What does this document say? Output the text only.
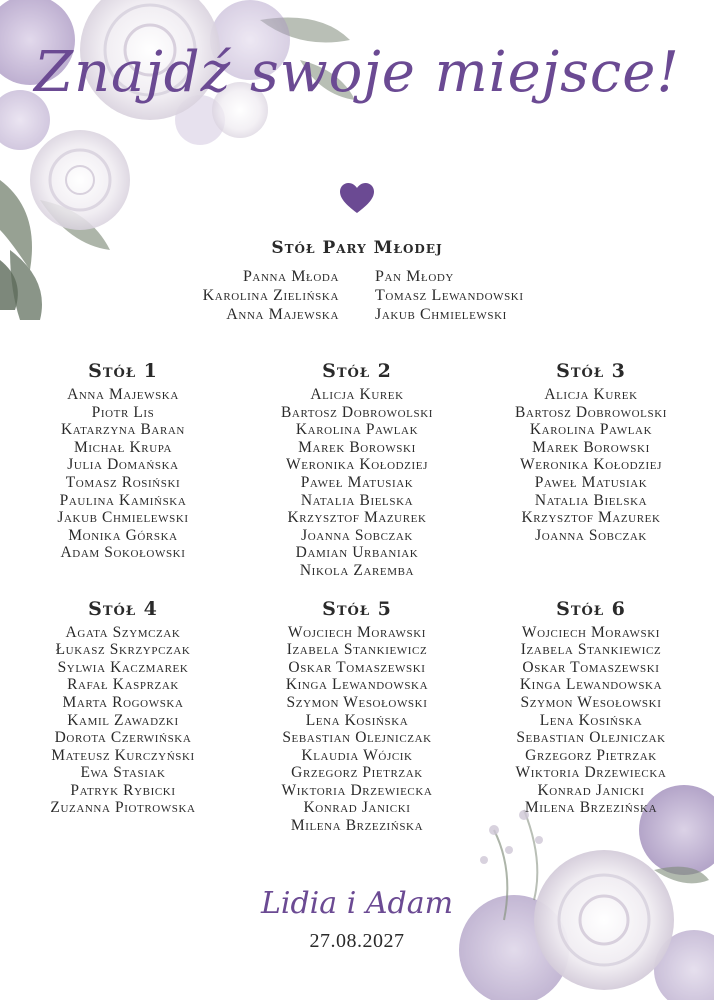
Znajdź swoje miejsce!
Stół Pary Młodej
Panna Młoda
Karolina Zielińska
Anna Majewska
Pan Młody
Tomasz Lewandowski
Jakub Chmielewski
Stół 1
Anna Majewska
Piotr Lis
Katarzyna Baran
Michał Krupa
Julia Domańska
Tomasz Rosiński
Paulina Kamińska
Jakub Chmielewski
Monika Górska
Adam Sokołowski
Stół 2
Alicja Kurek
Bartosz Dobrowolski
Karolina Pawlak
Marek Borowski
Weronika Kołodziej
Paweł Matusiak
Natalia Bielska
Krzysztof Mazurek
Joanna Sobczak
Damian Urbaniak
Nikola Zaremba
Stół 3
Alicja Kurek
Bartosz Dobrowolski
Karolina Pawlak
Marek Borowski
Weronika Kołodziej
Paweł Matusiak
Natalia Bielska
Krzysztof Mazurek
Joanna Sobczak
Stół 4
Agata Szymczak
Łukasz Skrzypczak
Sylwia Kaczmarek
Rafał Kasprzak
Marta Rogowska
Kamil Zawadzki
Dorota Czerwińska
Mateusz Kurczyński
Ewa Stasiak
Patryk Rybicki
Zuzanna Piotrowska
Stół 5
Wojciech Morawski
Izabela Stankiewicz
Oskar Tomaszewski
Kinga Lewandowska
Szymon Wesołowski
Lena Kosińska
Sebastian Olejniczak
Klaudia Wójcik
Grzegorz Pietrzak
Wiktoria Drzewiecka
Konrad Janicki
Milena Brzezińska
Stół 6
Wojciech Morawski
Izabela Stankiewicz
Oskar Tomaszewski
Kinga Lewandowska
Szymon Wesołowski
Lena Kosińska
Sebastian Olejniczak
Grzegorz Pietrzak
Wiktoria Drzewiecka
Konrad Janicki
Milena Brzezińska
Lidia i Adam
27.08.2027
